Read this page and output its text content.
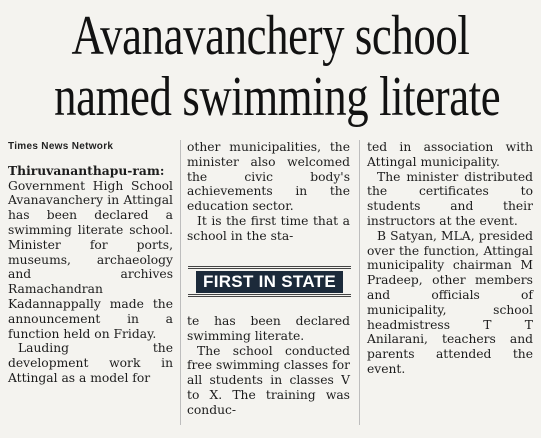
Avanavanchery school
named swimming literate

Times News Network

Thiruvananthapu-ram: Government High School Avanavanchery in Attingal has been declared a swimming literate school. Minister for ports, museums, archaeology and archives Ramachandran Kadannappally made the announcement in a function held on Friday.

Lauding the development work in Attingal as a model for

other municipalities, the minister also welcomed the civic body's achievements in the education sector.

It is the first time that a school in the sta-

FIRST IN STATE

te has been declared swimming literate.

The school conducted free swimming classes for all students in classes V to X. The training was conduc-

ted in association with Attingal municipality.

The minister distributed the certificates to students and their instructors at the event.

B Satyan, MLA, presided over the function, Attingal municipality chairman M Pradeep, other members and officials of municipality, school headmistress T T Anilarani, teachers and parents attended the event.
